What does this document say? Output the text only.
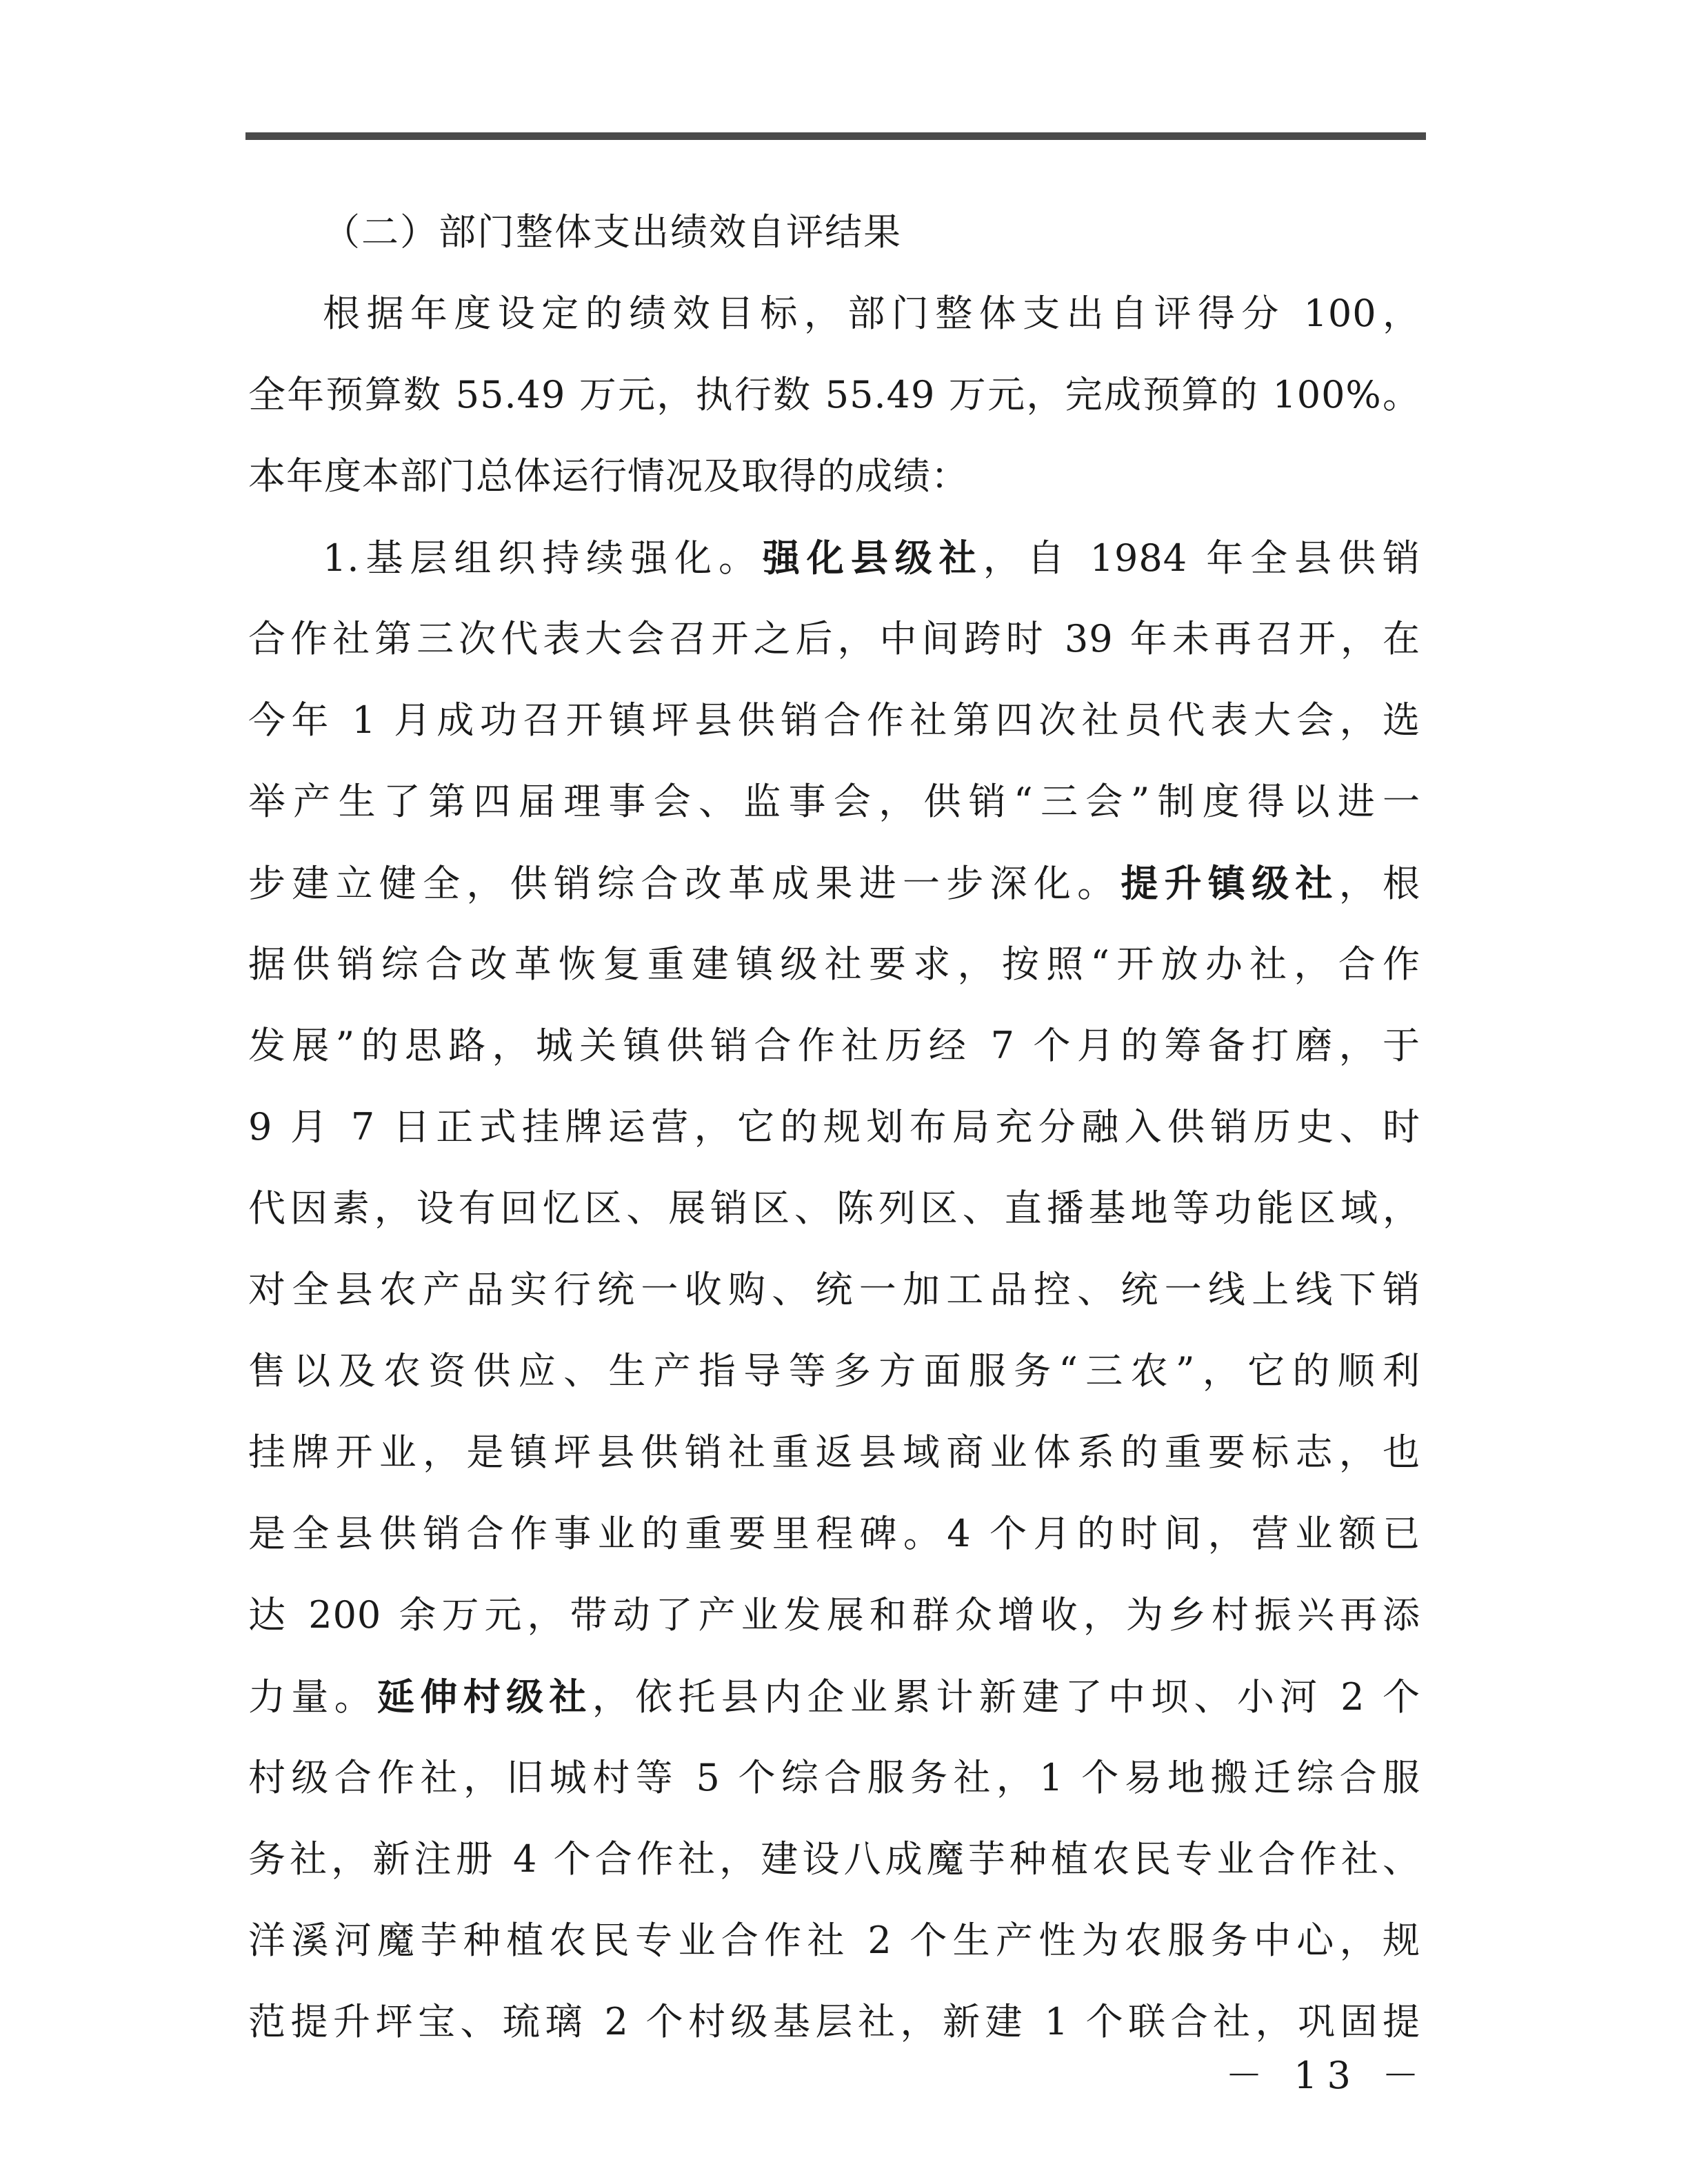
（二）部门整体支出绩效自评结果
根据年度设定的绩效目标，部门整体支出自评得分 100，
全年预算数 55.49 万元，执行数 55.49 万元，完成预算的 100%。
本年度本部门总体运行情况及取得的成绩：
1.基层组织持续强化。强化县级社，自 1984 年全县供销
合作社第三次代表大会召开之后，中间跨时 39 年未再召开，在
今年 1 月成功召开镇坪县供销合作社第四次社员代表大会，选
举产生了第四届理事会、监事会，供销“三会”制度得以进一
步建立健全，供销综合改革成果进一步深化。提升镇级社，根
据供销综合改革恢复重建镇级社要求，按照“开放办社，合作
发展”的思路，城关镇供销合作社历经 7 个月的筹备打磨，于
9 月 7 日正式挂牌运营，它的规划布局充分融入供销历史、时
代因素，设有回忆区、展销区、陈列区、直播基地等功能区域，
对全县农产品实行统一收购、统一加工品控、统一线上线下销
售以及农资供应、生产指导等多方面服务“三农”，它的顺利
挂牌开业，是镇坪县供销社重返县域商业体系的重要标志，也
是全县供销合作事业的重要里程碑。4 个月的时间，营业额已
达 200 余万元，带动了产业发展和群众增收，为乡村振兴再添
力量。延伸村级社，依托县内企业累计新建了中坝、小河 2 个
村级合作社，旧城村等 5 个综合服务社，1 个易地搬迁综合服
务社，新注册 4 个合作社，建设八成魔芋种植农民专业合作社、
洋溪河魔芋种植农民专业合作社 2 个生产性为农服务中心，规
范提升坪宝、琉璃 2 个村级基层社，新建 1 个联合社，巩固提
－ 13 －
